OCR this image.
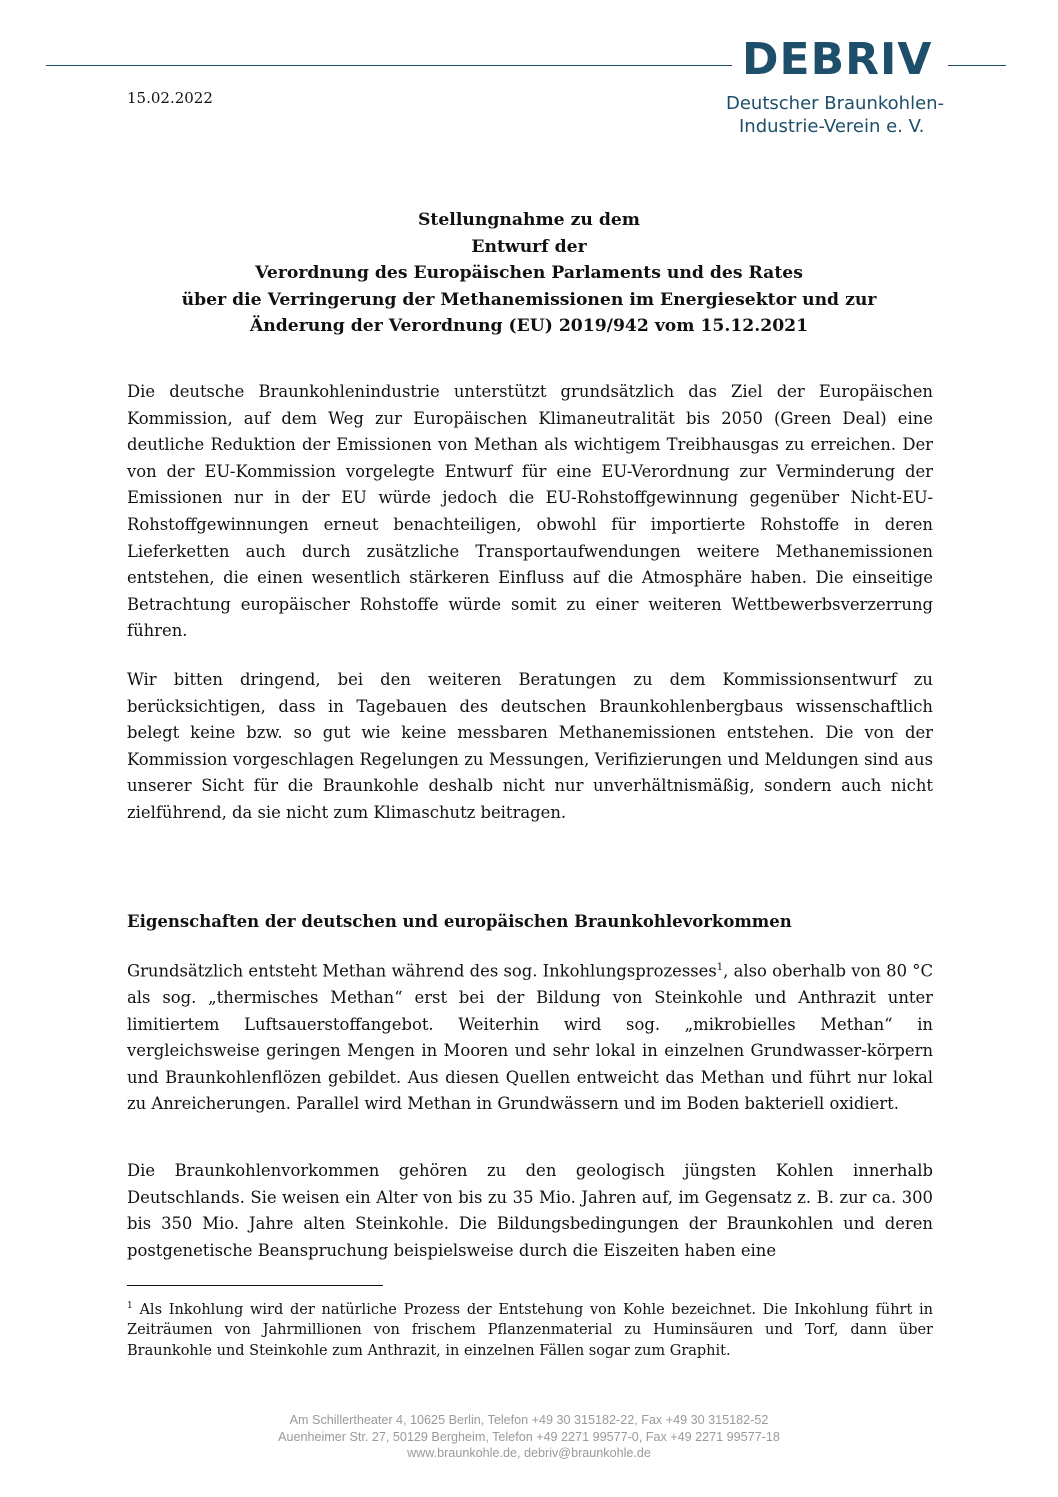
DEBRIV
Deutscher Braunkohlen-
Industrie-Verein e. V.
15.02.2022
Stellungnahme zu dem
Entwurf der
Verordnung des Europäischen Parlaments und des Rates
über die Verringerung der Methanemissionen im Energiesektor und zur
Änderung der Verordnung (EU) 2019/942 vom 15.12.2021

Die deutsche Braunkohlenindustrie unterstützt grundsätzlich das Ziel der Europäischen Kommission, auf dem Weg zur Europäischen Klimaneutralität bis 2050 (Green Deal) eine deutliche Reduktion der Emissionen von Methan als wichtigem Treibhausgas zu erreichen. Der von der EU-Kommission vorgelegte Entwurf für eine EU-Verordnung zur Verminderung der Emissionen nur in der EU würde jedoch die EU-Rohstoffgewinnung gegenüber Nicht-EU-Rohstoffgewinnungen erneut benachteiligen, obwohl für importierte Rohstoffe in deren Lieferketten auch durch zusätzliche Transportaufwendungen weitere Methanemissionen entstehen, die einen wesentlich stärkeren Einfluss auf die Atmosphäre haben. Die einseitige Betrachtung europäischer Rohstoffe würde somit zu einer weiteren Wettbewerbsverzerrung führen.

Wir bitten dringend, bei den weiteren Beratungen zu dem Kommissionsentwurf zu berücksichtigen, dass in Tagebauen des deutschen Braunkohlenbergbaus wissenschaftlich belegt keine bzw. so gut wie keine messbaren Methanemissionen entstehen. Die von der Kommission vorgeschlagen Regelungen zu Messungen, Verifizierungen und Meldungen sind aus unserer Sicht für die Braunkohle deshalb nicht nur unverhältnismäßig, sondern auch nicht zielführend, da sie nicht zum Klimaschutz beitragen.

Eigenschaften der deutschen und europäischen Braunkohlevorkommen

Grundsätzlich entsteht Methan während des sog. Inkohlungsprozesses$^1$, also oberhalb von 80 °C als sog. „thermisches Methan“ erst bei der Bildung von Steinkohle und Anthrazit unter limitiertem Luftsauerstoffangebot. Weiterhin wird sog. „mikrobielles Methan“ in vergleichsweise geringen Mengen in Mooren und sehr lokal in einzelnen Grundwasser-körpern und Braunkohlenflözen gebildet. Aus diesen Quellen entweicht das Methan und führt nur lokal zu Anreicherungen. Parallel wird Methan in Grundwässern und im Boden bakteriell oxidiert.

Die Braunkohlenvorkommen gehören zu den geologisch jüngsten Kohlen innerhalb Deutschlands. Sie weisen ein Alter von bis zu 35 Mio. Jahren auf, im Gegensatz z. B. zur ca. 300 bis 350 Mio. Jahre alten Steinkohle. Die Bildungsbedingungen der Braunkohlen und deren postgenetische Beanspruchung beispielsweise durch die Eiszeiten haben eine

$^1$ Als Inkohlung wird der natürliche Prozess der Entstehung von Kohle bezeichnet. Die Inkohlung führt in Zeiträumen von Jahrmillionen von frischem Pflanzenmaterial zu Huminsäuren und Torf, dann über Braunkohle und Steinkohle zum Anthrazit, in einzelnen Fällen sogar zum Graphit.
Am Schillertheater 4, 10625 Berlin, Telefon +49 30 315182-22, Fax +49 30 315182-52
Auenheimer Str. 27, 50129 Bergheim, Telefon +49 2271 99577-0, Fax +49 2271 99577-18
www.braunkohle.de, debriv@braunkohle.de
